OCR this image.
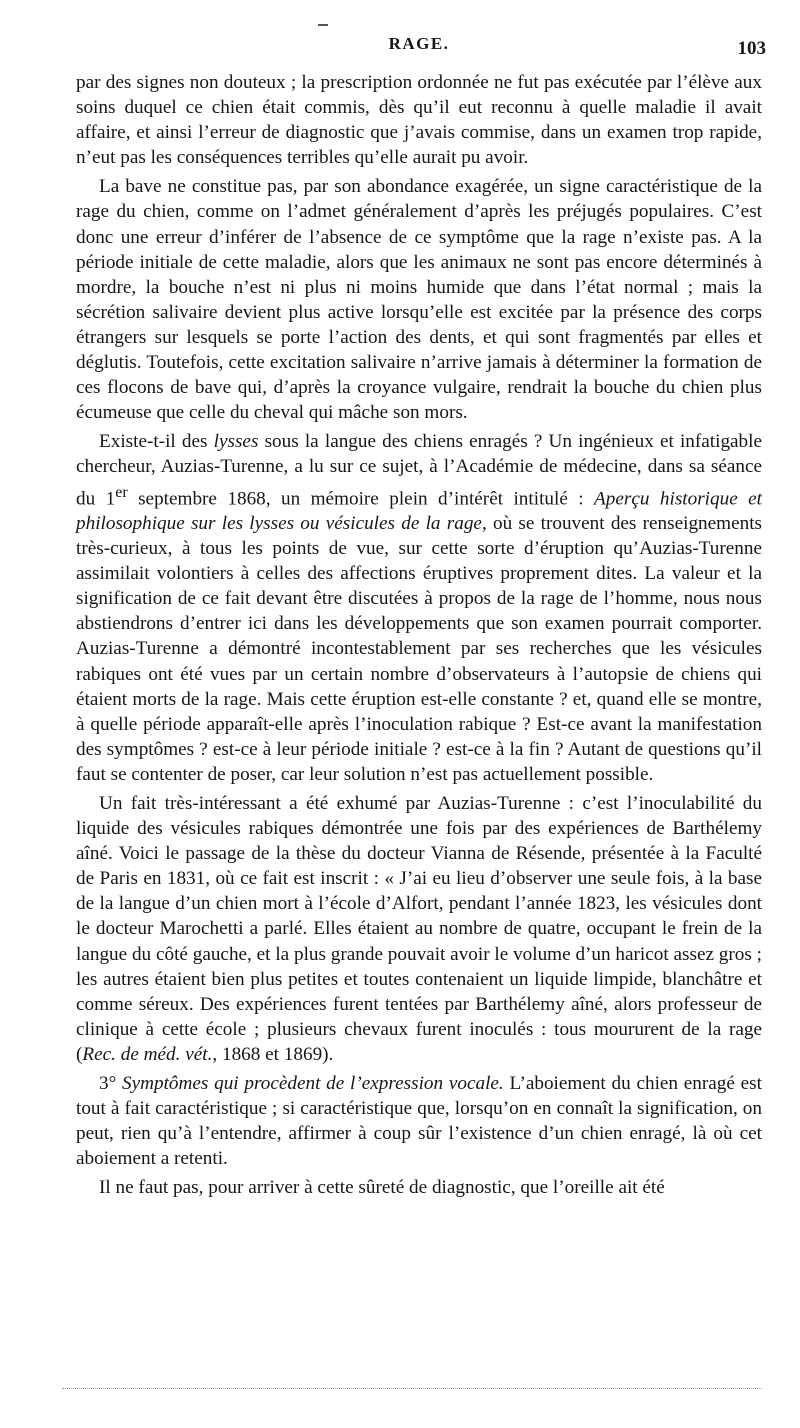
RAGE.	103

par des signes non douteux ; la prescription ordonnée ne fut pas exécutée par l’élève aux soins duquel ce chien était commis, dès qu’il eut reconnu à quelle maladie il avait affaire, et ainsi l’erreur de diagnostic que j’avais commise, dans un examen trop rapide, n’eut pas les conséquences terribles qu’elle aurait pu avoir.

La bave ne constitue pas, par son abondance exagérée, un signe caractéristique de la rage du chien, comme on l’admet généralement d’après les préjugés populaires. C’est donc une erreur d’inférer de l’absence de ce symptôme que la rage n’existe pas. A la période initiale de cette maladie, alors que les animaux ne sont pas encore déterminés à mordre, la bouche n’est ni plus ni moins humide que dans l’état normal ; mais la sécrétion salivaire devient plus active lorsqu’elle est excitée par la présence des corps étrangers sur lesquels se porte l’action des dents, et qui sont fragmentés par elles et déglutis. Toutefois, cette excitation salivaire n’arrive jamais à déterminer la formation de ces flocons de bave qui, d’après la croyance vulgaire, rendrait la bouche du chien plus écumeuse que celle du cheval qui mâche son mors.

Existe-t-il des lysses sous la langue des chiens enragés ? Un ingénieux et infatigable chercheur, Auzias-Turenne, a lu sur ce sujet, à l’Académie de médecine, dans sa séance du 1er septembre 1868, un mémoire plein d’intérêt intitulé : Aperçu historique et philosophique sur les lysses ou vésicules de la rage, où se trouvent des renseignements très-curieux, à tous les points de vue, sur cette sorte d’éruption qu’Auzias-Turenne assimilait volontiers à celles des affections éruptives proprement dites. La valeur et la signification de ce fait devant être discutées à propos de la rage de l’homme, nous nous abstiendrons d’entrer ici dans les développements que son examen pourrait comporter. Auzias-Turenne a démontré incontestablement par ses recherches que les vésicules rabiques ont été vues par un certain nombre d’observateurs à l’autopsie de chiens qui étaient morts de la rage. Mais cette éruption est-elle constante ? et, quand elle se montre, à quelle période apparaît-elle après l’inoculation rabique ? Est-ce avant la manifestation des symptômes ? est-ce à leur période initiale ? est-ce à la fin ? Autant de questions qu’il faut se contenter de poser, car leur solution n’est pas actuellement possible.

Un fait très-intéressant a été exhumé par Auzias-Turenne : c’est l’inoculabilité du liquide des vésicules rabiques démontrée une fois par des expériences de Barthélemy aîné. Voici le passage de la thèse du docteur Vianna de Résende, présentée à la Faculté de Paris en 1831, où ce fait est inscrit : « J’ai eu lieu d’observer une seule fois, à la base de la langue d’un chien mort à l’école d’Alfort, pendant l’année 1823, les vésicules dont le docteur Marochetti a parlé. Elles étaient au nombre de quatre, occupant le frein de la langue du côté gauche, et la plus grande pouvait avoir le volume d’un haricot assez gros ; les autres étaient bien plus petites et toutes contenaient un liquide limpide, blanchâtre et comme séreux. Des expériences furent tentées par Barthélemy aîné, alors professeur de clinique à cette école ; plusieurs chevaux furent inoculés : tous moururent de la rage (Rec. de méd. vét., 1868 et 1869).

3° Symptômes qui procèdent de l’expression vocale. L’aboiement du chien enragé est tout à fait caractéristique ; si caractéristique que, lorsqu’on en connaît la signification, on peut, rien qu’à l’entendre, affirmer à coup sûr l’existence d’un chien enragé, là où cet aboiement a retenti.

Il ne faut pas, pour arriver à cette sûreté de diagnostic, que l’oreille ait été
